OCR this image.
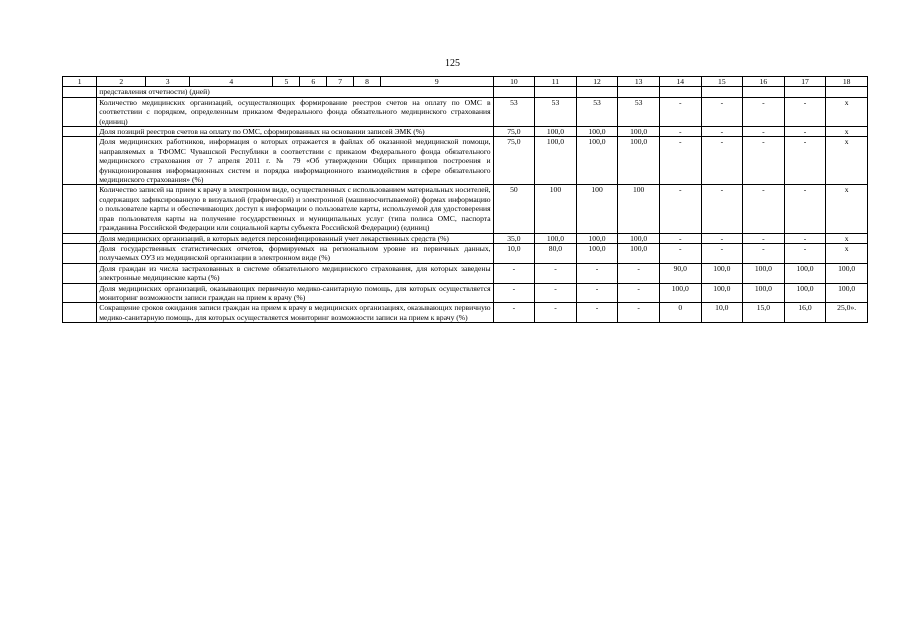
125
1	2	3	4	5	6	7	8	9	10	11	12	13	14	15	16	17	18
	представления отчетности) (дней)																
	Количество медицинских организаций, осуществляющих формирование реестров счетов на оплату по ОМС в соответствии с порядком, определенным приказом Федерального фонда обязательного медицинского страхования (единиц)								53	53	53	53	-	-	-	-	x
	Доля позиций реестров счетов на оплату по ОМС, сформированных на основании записей ЭМК (%)								75,0	100,0	100,0	100,0	-	-	-	-	x
	Доля медицинских работников, информация о которых отражается в файлах об оказанной медицинской помощи, направляемых в ТФОМС Чувашской Республики в соответствии с приказом Федерального фонда обязательного медицинского страхования от 7 апреля 2011 г. № 79 «Об утверждении Общих принципов построения и функционирования информационных систем и порядка информационного взаимодействия в сфере обязательного медицинского страхования» (%)								75,0	100,0	100,0	100,0	-	-	-	-	x
	Количество записей на прием к врачу в электронном виде, осуществленных с использованием материальных носителей, содержащих зафиксированную в визуальной (графической) и электронной (машиносчитываемой) формах информацию о пользователе карты и обеспечивающих доступ к информации о пользователе карты, используемой для удостоверения прав пользователя карты на получение государственных и муниципальных услуг (типа полиса ОМС, паспорта гражданина Российской Федерации или социальной карты субъекта Российской Федерации) (единиц)								50	100	100	100	-	-	-	-	x
	Доля медицинских организаций, в которых ведется персонифицированный учет лекарственных средств (%)								35,0	100,0	100,0	100,0	-	-	-	-	x
	Доля государственных статистических отчетов, формируемых на региональном уровне из первичных данных, получаемых ОУЗ из медицинской организации в электронном виде (%)								10,0	80,0	100,0	100,0	-	-	-	-	x
	Доля граждан из числа застрахованных в системе обязательного медицинского страхования, для которых заведены электронные медицинские карты (%)								-	-	-	-	90,0	100,0	100,0	100,0	100,0
	Доля медицинских организаций, оказывающих первичную медико-санитарную помощь, для которых осуществляется мониторинг возможности записи граждан на прием к врачу (%)								-	-	-	-	100,0	100,0	100,0	100,0	100,0
	Сокращение сроков ожидания записи граждан на прием к врачу в медицинских организациях, оказывающих первичную медико-санитарную помощь, для которых осуществляется мониторинг возможности записи на прием к врачу (%)								-	-	-	-	0	10,0	15,0	16,0	25,0».
